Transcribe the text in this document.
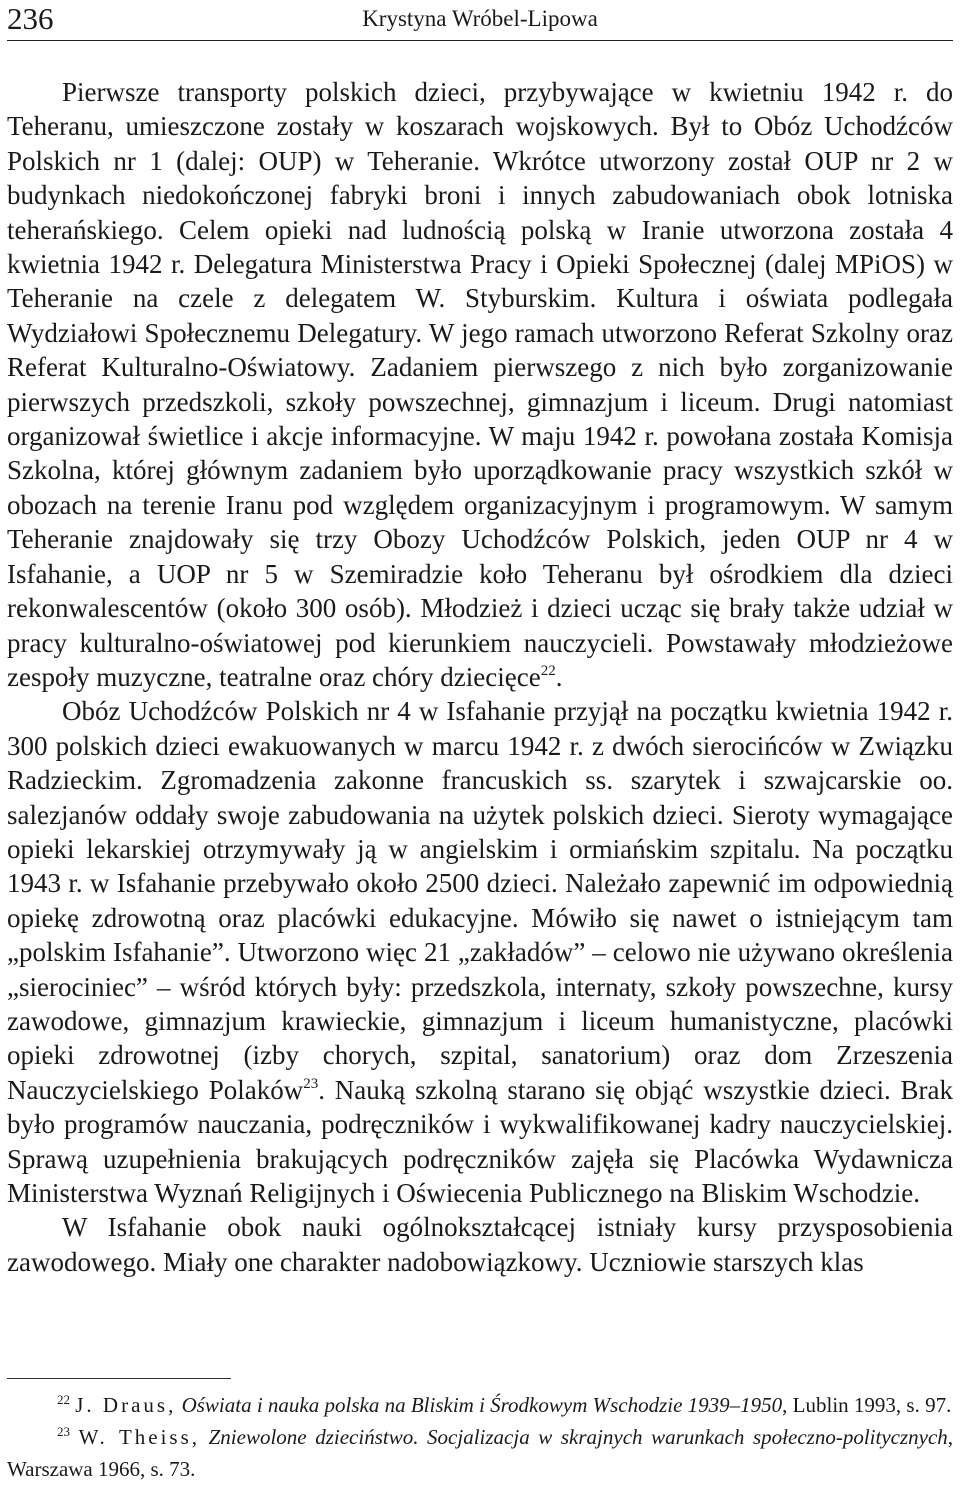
236	Krystyna Wróbel-Lipowa

Pierwsze transporty polskich dzieci, przybywające w kwietniu 1942 r. do Teheranu, umieszczone zostały w koszarach wojskowych. Był to Obóz Uchodźców Polskich nr 1 (dalej: OUP) w Teheranie. Wkrótce utworzony został OUP nr 2 w budynkach niedokończonej fabryki broni i innych zabudowaniach obok lotniska teherańskiego. Celem opieki nad ludnością polską w Iranie utworzona została 4 kwietnia 1942 r. Delegatura Ministerstwa Pracy i Opieki Społecznej (dalej MPiOS) w Teheranie na czele z delegatem W. Styburskim. Kultura i oświata podlegała Wydziałowi Społecznemu Delegatury. W jego ramach utworzono Referat Szkolny oraz Referat Kulturalno-Oświatowy. Zadaniem pierwszego z nich było zorganizowanie pierwszych przedszkoli, szkoły powszechnej, gimnazjum i liceum. Drugi natomiast organizował świetlice i akcje informacyjne. W maju 1942 r. powołana została Komisja Szkolna, której głównym zadaniem było uporządkowanie pracy wszystkich szkół w obozach na terenie Iranu pod względem organizacyjnym i programowym. W samym Teheranie znajdowały się trzy Obozy Uchodźców Polskich, jeden OUP nr 4 w Isfahanie, a UOP nr 5 w Szemiradzie koło Teheranu był ośrodkiem dla dzieci rekonwalescentów (około 300 osób). Młodzież i dzieci ucząc się brały także udział w pracy kulturalno-oświatowej pod kierunkiem nauczycieli. Powstawały młodzieżowe zespoły muzyczne, teatralne oraz chóry dziecięce$^{22}$.

Obóz Uchodźców Polskich nr 4 w Isfahanie przyjął na początku kwietnia 1942 r. 300 polskich dzieci ewakuowanych w marcu 1942 r. z dwóch sierocińców w Związku Radzieckim. Zgromadzenia zakonne francuskich ss. szarytek i szwajcarskie oo. salezjanów oddały swoje zabudowania na użytek polskich dzieci. Sieroty wymagające opieki lekarskiej otrzymywały ją w angielskim i ormiańskim szpitalu. Na początku 1943 r. w Isfahanie przebywało około 2500 dzieci. Należało zapewnić im odpowiednią opiekę zdrowotną oraz placówki edukacyjne. Mówiło się nawet o istniejącym tam „polskim Isfahanie”. Utworzono więc 21 „zakładów” – celowo nie używano określenia „sierociniec” – wśród których były: przedszkola, internaty, szkoły powszechne, kursy zawodowe, gimnazjum krawieckie, gimnazjum i liceum humanistyczne, placówki opieki zdrowotnej (izby chorych, szpital, sanatorium) oraz dom Zrzeszenia Nauczycielskiego Polaków$^{23}$. Nauką szkolną starano się objąć wszystkie dzieci. Brak było programów nauczania, podręczników i wykwalifikowanej kadry nauczycielskiej. Sprawą uzupełnienia brakujących podręczników zajęła się Placówka Wydawnicza Ministerstwa Wyznań Religijnych i Oświecenia Publicznego na Bliskim Wschodzie.

W Isfahanie obok nauki ogólnokształcącej istniały kursy przysposobienia zawodowego. Miały one charakter nadobowiązkowy. Uczniowie starszych klas

$^{22}$ J. Draus, Oświata i nauka polska na Bliskim i Środkowym Wschodzie 1939–1950, Lublin 1993, s. 97.

$^{23}$ W. Theiss, Zniewolone dzieciństwo. Socjalizacja w skrajnych warunkach społeczno-politycznych, Warszawa 1966, s. 73.
